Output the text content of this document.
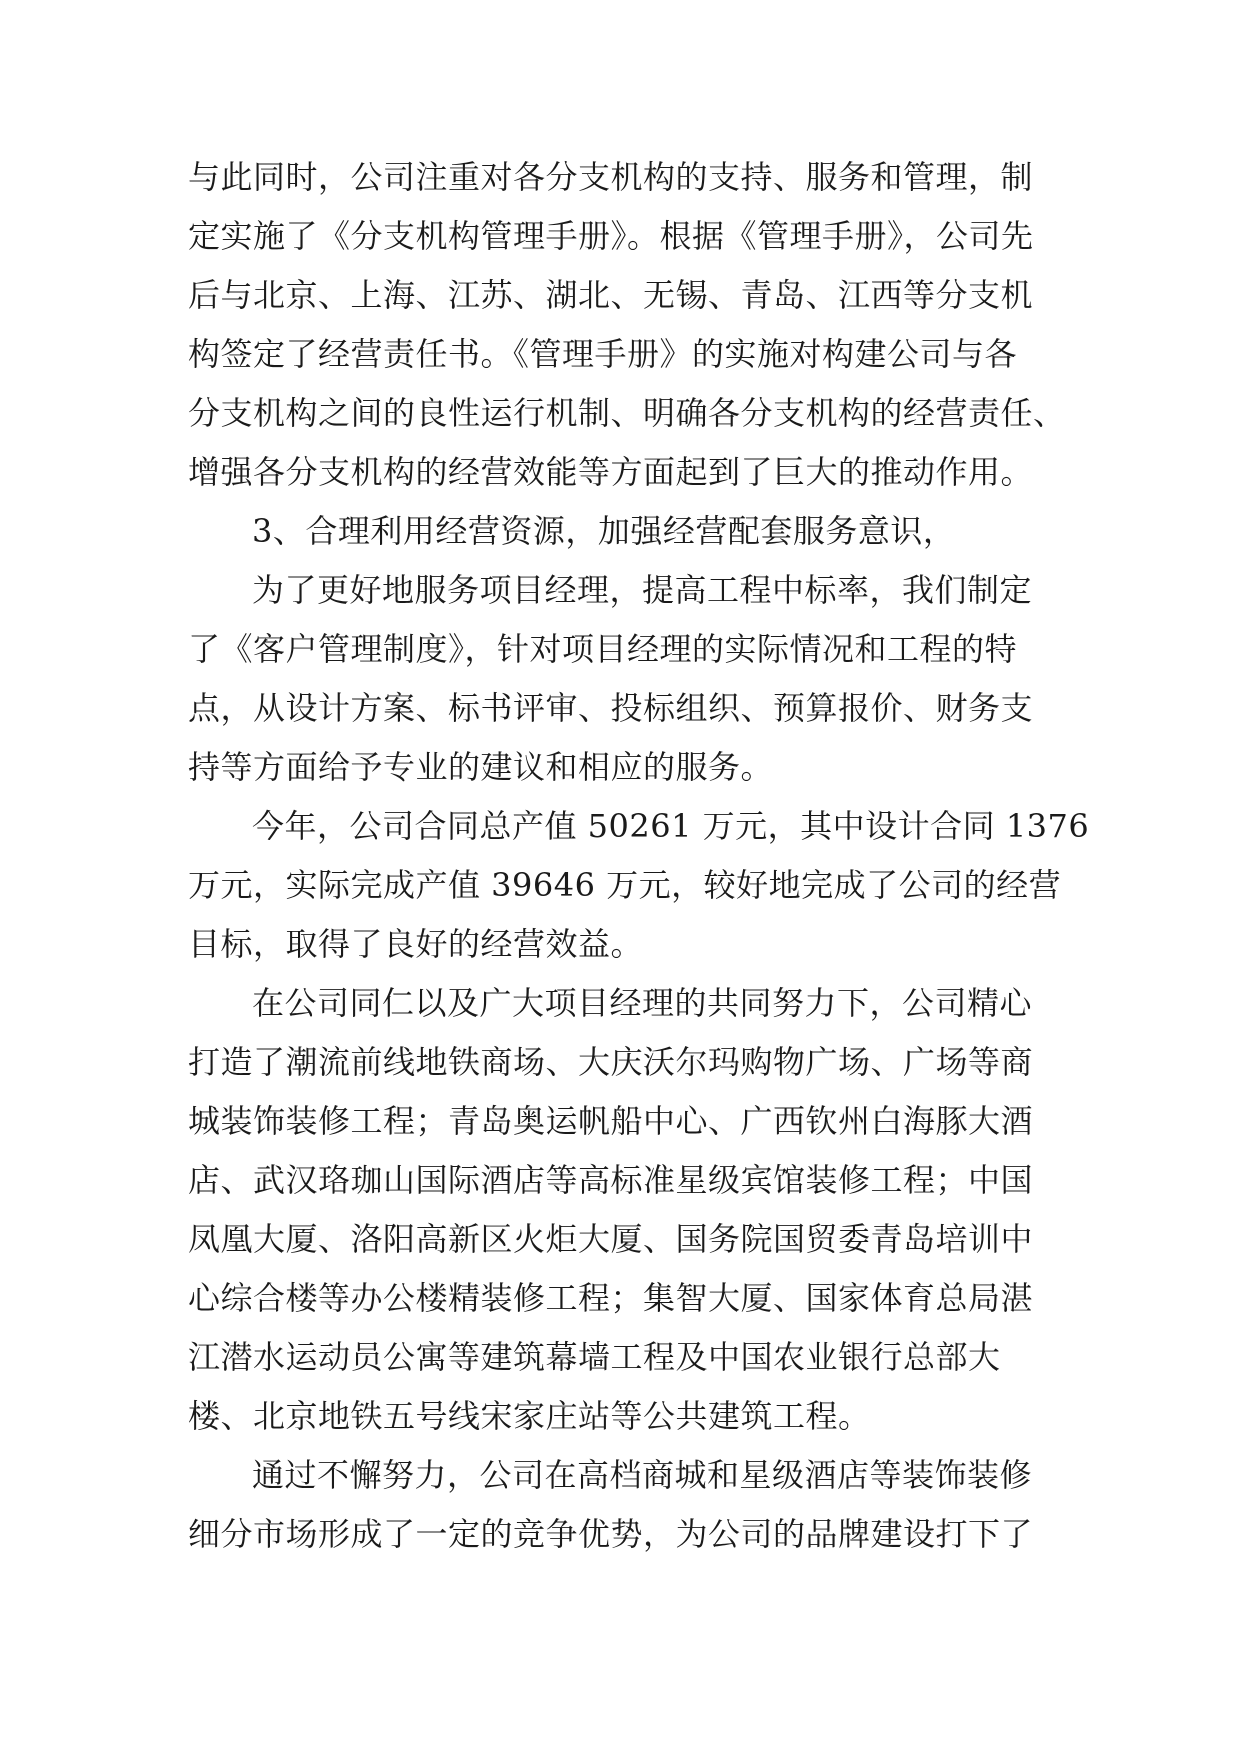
与此同时，公司注重对各分支机构的支持、服务和管理，制
定实施了《分支机构管理手册》。根据《管理手册》，公司先
后与北京、上海、江苏、湖北、无锡、青岛、江西等分支机
构签定了经营责任书。《管理手册》的实施对构建公司与各
分支机构之间的良性运行机制、明确各分支机构的经营责任、
增强各分支机构的经营效能等方面起到了巨大的推动作用。
3、合理利用经营资源，加强经营配套服务意识，
为了更好地服务项目经理，提高工程中标率，我们制定
了《客户管理制度》，针对项目经理的实际情况和工程的特
点，从设计方案、标书评审、投标组织、预算报价、财务支
持等方面给予专业的建议和相应的服务。
今年，公司合同总产值 50261 万元，其中设计合同 1376
万元，实际完成产值 39646 万元，较好地完成了公司的经营
目标，取得了良好的经营效益。
在公司同仁以及广大项目经理的共同努力下，公司精心
打造了潮流前线地铁商场、大庆沃尔玛购物广场、广场等商
城装饰装修工程；青岛奥运帆船中心、广西钦州白海豚大酒
店、武汉珞珈山国际酒店等高标准星级宾馆装修工程；中国
凤凰大厦、洛阳高新区火炬大厦、国务院国贸委青岛培训中
心综合楼等办公楼精装修工程；集智大厦、国家体育总局湛
江潜水运动员公寓等建筑幕墙工程及中国农业银行总部大
楼、北京地铁五号线宋家庄站等公共建筑工程。
通过不懈努力，公司在高档商城和星级酒店等装饰装修
细分市场形成了一定的竞争优势，为公司的品牌建设打下了
